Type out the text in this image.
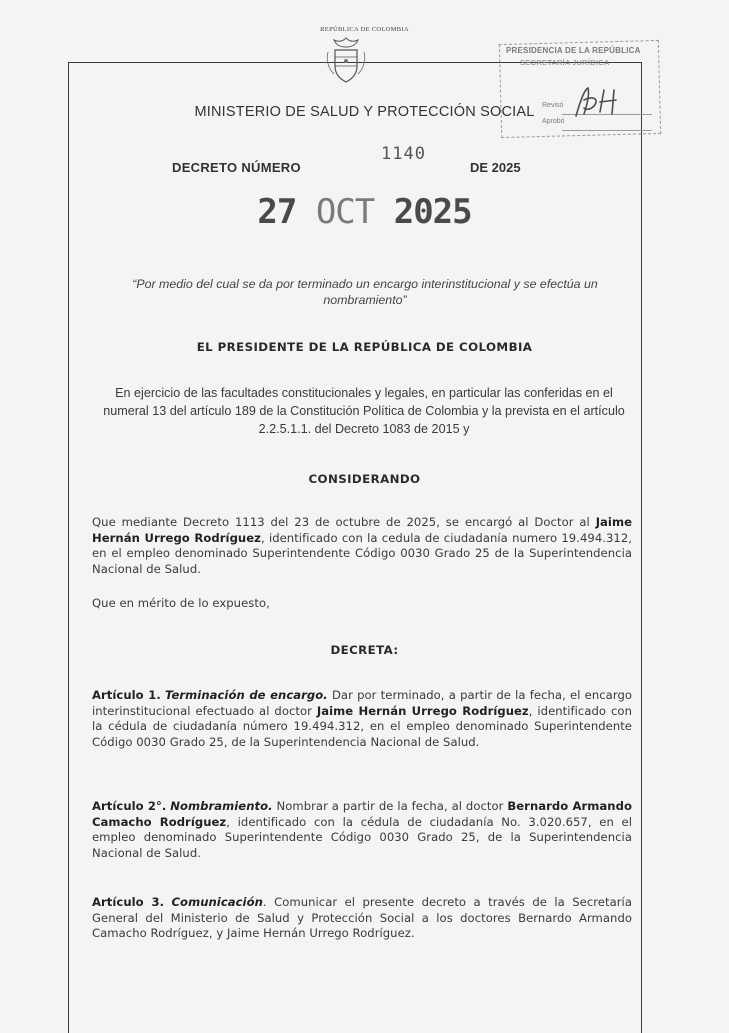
REPÚBLICA DE COLOMBIA
MINISTERIO DE SALUD Y PROTECCIÓN SOCIAL
PRESIDENCIA DE LA REPÚBLICA
SECRETARÍA JURÍDICA
Revisó
Aprobó
DECRETO NÚMERO
1140
DE 2025
27 OCT 2025
“Por medio del cual se da por terminado un encargo interinstitucional y se efectúa un nombramiento”
EL PRESIDENTE DE LA REPÚBLICA DE COLOMBIA
En ejercicio de las facultades constitucionales y legales, en particular las conferidas en el numeral 13 del artículo 189 de la Constitución Política de Colombia y la prevista en el artículo 2.2.5.1.1. del Decreto 1083 de 2015 y
CONSIDERANDO
Que mediante Decreto 1113 del 23 de octubre de 2025, se encargó al Doctor al Jaime Hernán Urrego Rodríguez, identificado con la cedula de ciudadanía numero 19.494.312, en el empleo denominado Superintendente Código 0030 Grado 25 de la Superintendencia Nacional de Salud.
Que en mérito de lo expuesto,
DECRETA:
Artículo 1. Terminación de encargo. Dar por terminado, a partir de la fecha, el encargo interinstitucional efectuado al doctor Jaime Hernán Urrego Rodríguez, identificado con la cédula de ciudadanía número 19.494.312, en el empleo denominado Superintendente Código 0030 Grado 25, de la Superintendencia Nacional de Salud.
Artículo 2°. Nombramiento. Nombrar a partir de la fecha, al doctor Bernardo Armando Camacho Rodríguez, identificado con la cédula de ciudadanía No. 3.020.657, en el empleo denominado Superintendente Código 0030 Grado 25, de la Superintendencia Nacional de Salud.
Artículo 3. Comunicación. Comunicar el presente decreto a través de la Secretaría General del Ministerio de Salud y Protección Social a los doctores Bernardo Armando Camacho Rodríguez, y Jaime Hernán Urrego Rodríguez.
